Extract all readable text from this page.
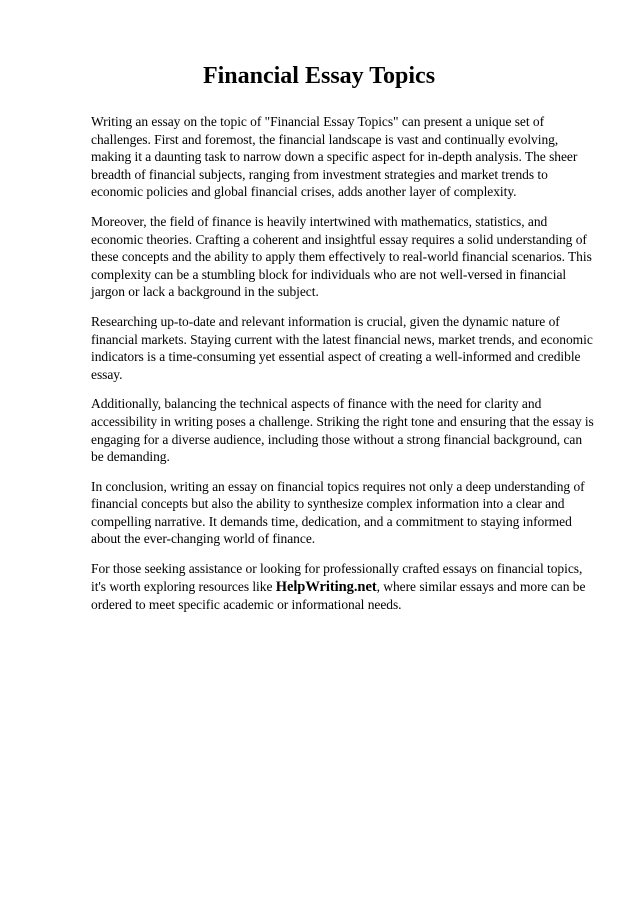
Financial Essay Topics

Writing an essay on the topic of "Financial Essay Topics" can present a unique set of challenges. First and foremost, the financial landscape is vast and continually evolving, making it a daunting task to narrow down a specific aspect for in-depth analysis. The sheer breadth of financial subjects, ranging from investment strategies and market trends to economic policies and global financial crises, adds another layer of complexity.

Moreover, the field of finance is heavily intertwined with mathematics, statistics, and economic theories. Crafting a coherent and insightful essay requires a solid understanding of these concepts and the ability to apply them effectively to real-world financial scenarios. This complexity can be a stumbling block for individuals who are not well-versed in financial jargon or lack a background in the subject.

Researching up-to-date and relevant information is crucial, given the dynamic nature of financial markets. Staying current with the latest financial news, market trends, and economic indicators is a time-consuming yet essential aspect of creating a well-informed and credible essay.

Additionally, balancing the technical aspects of finance with the need for clarity and accessibility in writing poses a challenge. Striking the right tone and ensuring that the essay is engaging for a diverse audience, including those without a strong financial background, can be demanding.

In conclusion, writing an essay on financial topics requires not only a deep understanding of financial concepts but also the ability to synthesize complex information into a clear and compelling narrative. It demands time, dedication, and a commitment to staying informed about the ever-changing world of finance.

For those seeking assistance or looking for professionally crafted essays on financial topics, it's worth exploring resources like HelpWriting.net, where similar essays and more can be ordered to meet specific academic or informational needs.
